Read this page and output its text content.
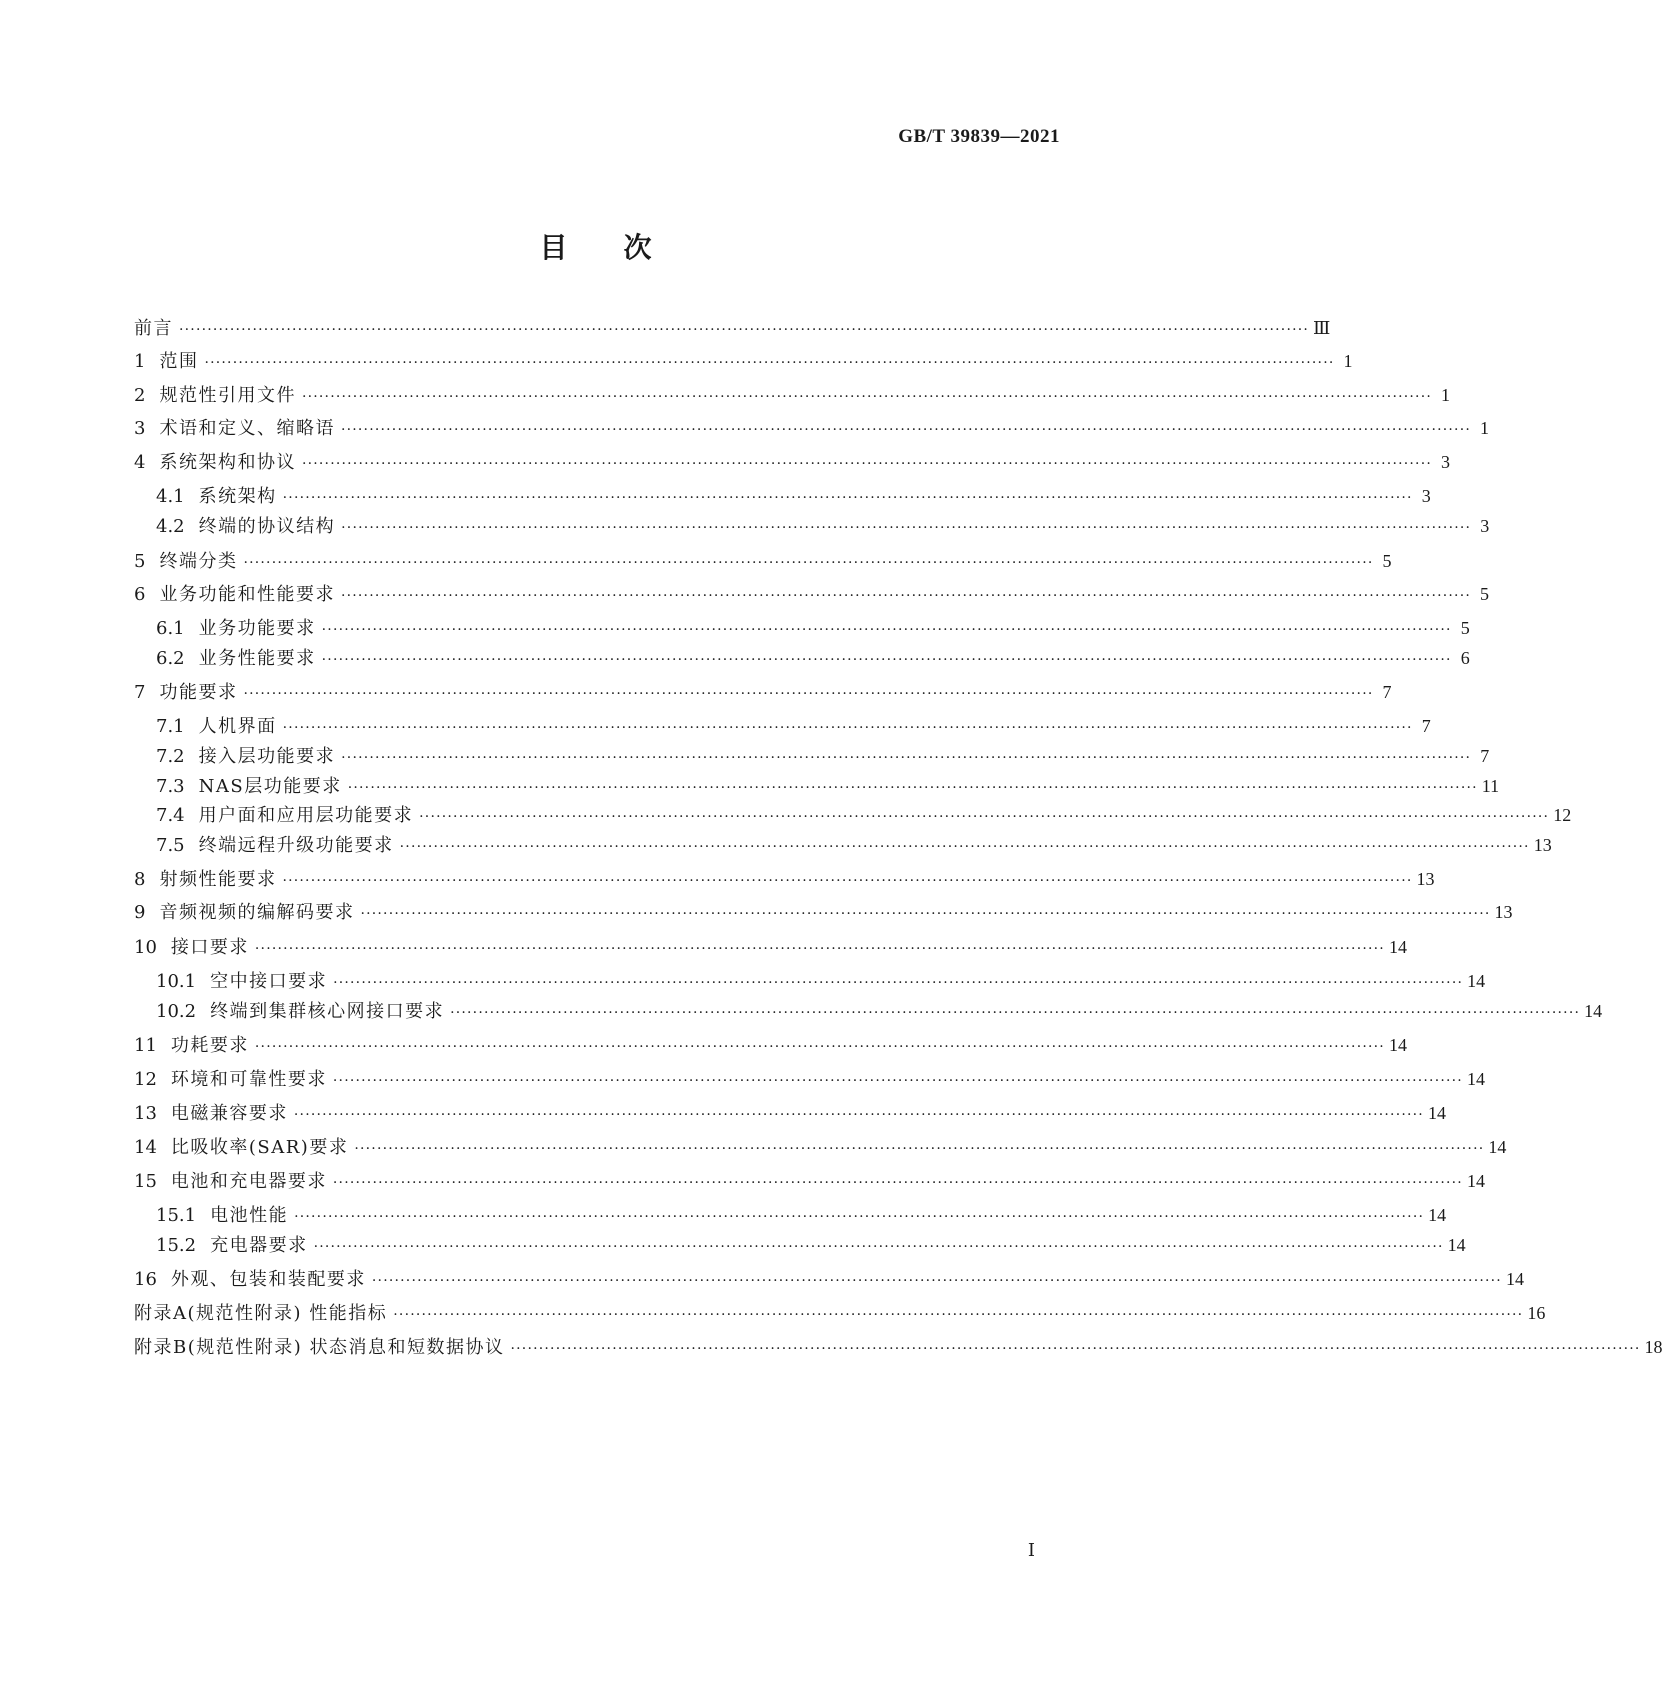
GB/T 39839—2021
目 次
前言 ········································································································································································································ Ⅲ
1 范围 ········································································································································································································ 1
2 规范性引用文件 ········································································································································································································ 1
3 术语和定义、缩略语 ········································································································································································································ 1
4 系统架构和协议 ········································································································································································································ 3
4.1 系统架构 ········································································································································································································ 3
4.2 终端的协议结构 ········································································································································································································ 3
5 终端分类 ········································································································································································································ 5
6 业务功能和性能要求 ········································································································································································································ 5
6.1 业务功能要求 ········································································································································································································ 5
6.2 业务性能要求 ········································································································································································································ 6
7 功能要求 ········································································································································································································ 7
7.1 人机界面 ········································································································································································································ 7
7.2 接入层功能要求 ········································································································································································································ 7
7.3 NAS层功能要求 ········································································································································································································ 11
7.4 用户面和应用层功能要求 ········································································································································································································ 12
7.5 终端远程升级功能要求 ········································································································································································································ 13
8 射频性能要求 ········································································································································································································ 13
9 音频视频的编解码要求 ········································································································································································································ 13
10 接口要求 ········································································································································································································ 14
10.1 空中接口要求 ········································································································································································································ 14
10.2 终端到集群核心网接口要求 ········································································································································································································ 14
11 功耗要求 ········································································································································································································ 14
12 环境和可靠性要求 ········································································································································································································ 14
13 电磁兼容要求 ········································································································································································································ 14
14 比吸收率(SAR)要求 ········································································································································································································ 14
15 电池和充电器要求 ········································································································································································································ 14
15.1 电池性能 ········································································································································································································ 14
15.2 充电器要求 ········································································································································································································ 14
16 外观、包装和装配要求 ········································································································································································································ 14
附录A(规范性附录) 性能指标 ········································································································································································································ 16
附录B(规范性附录) 状态消息和短数据协议 ········································································································································································································ 18
Ⅰ
